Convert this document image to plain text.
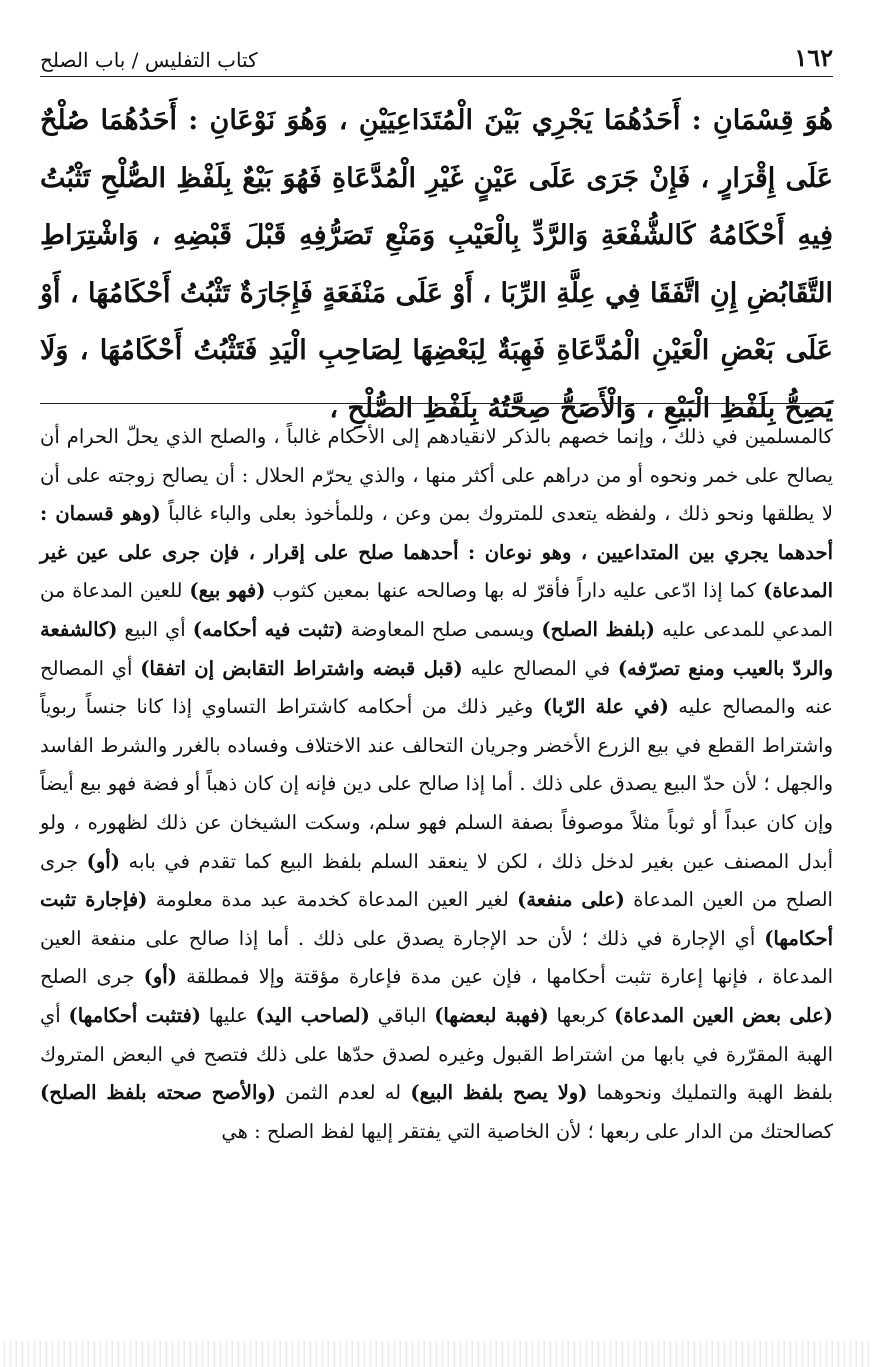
١٦٢
كتاب التفليس / باب الصلح
هُوَ قِسْمَانِ : أَحَدُهُمَا يَجْرِي بَيْنَ الْمُتَدَاعِيَيْنِ ، وَهُوَ نَوْعَانِ : أَحَدُهُمَا صُلْحٌ عَلَى إِقْرَارٍ ، فَإِنْ جَرَى عَلَى عَيْنٍ غَيْرِ الْمُدَّعَاةِ فَهُوَ بَيْعٌ بِلَفْظِ الصُّلْحِ تَثْبُتُ فِيهِ أَحْكَامُهُ كَالشُّفْعَةِ وَالرَّدِّ بِالْعَيْبِ وَمَنْعِ تَصَرُّفِهِ قَبْلَ قَبْضِهِ ، وَاشْتِرَاطِ التَّقَابُضِ إِنِ اتَّفَقَا فِي عِلَّةِ الرِّبَا ، أَوْ عَلَى مَنْفَعَةٍ فَإِجَارَةٌ تَثْبُتُ أَحْكَامُهَا ، أَوْ عَلَى بَعْضِ الْعَيْنِ الْمُدَّعَاةِ فَهِبَةٌ لِبَعْضِهَا لِصَاحِبِ الْيَدِ فَتَثْبُتُ أَحْكَامُهَا ، وَلَا يَصِحُّ بِلَفْظِ الْبَيْعِ ، وَالْأَصَحُّ صِحَّتُهُ بِلَفْظِ الصُّلْحِ ،
كالمسلمين في ذلك ، وإنما خصهم بالذكر لانقيادهم إلى الأحكام غالباً ، والصلح الذي يحلّ الحرام أن يصالح على خمر ونحوه أو من دراهم على أكثر منها ، والذي يحرّم الحلال : أن يصالح زوجته على أن لا يطلقها ونحو ذلك ، ولفظه يتعدى للمتروك بمن وعن ، وللمأخوذ بعلى والباء غالباً (وهو قسمان : أحدهما يجري بين المتداعيين ، وهو نوعان : أحدهما صلح على إقرار ، فإن جرى على عين غير المدعاة) كما إذا ادّعى عليه داراً فأقرّ له بها وصالحه عنها بمعين كثوب (فهو بيع) للعين المدعاة من المدعي للمدعى عليه (بلفظ الصلح) ويسمى صلح المعاوضة (تثبت فيه أحكامه) أي البيع (كالشفعة والردّ بالعيب ومنع تصرّفه) في المصالح عليه (قبل قبضه واشتراط التقابض إن اتفقا) أي المصالح عنه والمصالح عليه (في علة الرّبا) وغير ذلك من أحكامه كاشتراط التساوي إذا كانا جنساً ربوياً واشتراط القطع في بيع الزرع الأخضر وجريان التحالف عند الاختلاف وفساده بالغرر والشرط الفاسد والجهل ؛ لأن حدّ البيع يصدق على ذلك . أما إذا صالح على دين فإنه إن كان ذهباً أو فضة فهو بيع أيضاً وإن كان عبداً أو ثوباً مثلاً موصوفاً بصفة السلم فهو سلم، وسكت الشيخان عن ذلك لظهوره ، ولو أبدل المصنف عين بغير لدخل ذلك ، لكن لا ينعقد السلم بلفظ البيع كما تقدم في بابه (أو) جرى الصلح من العين المدعاة (على منفعة) لغير العين المدعاة كخدمة عبد مدة معلومة (فإجارة تثبت أحكامها) أي الإجارة في ذلك ؛ لأن حد الإجارة يصدق على ذلك . أما إذا صالح على منفعة العين المدعاة ، فإنها إعارة تثبت أحكامها ، فإن عين مدة فإعارة مؤقتة وإلا فمطلقة (أو) جرى الصلح (على بعض العين المدعاة) كربعها (فهبة لبعضها) الباقي (لصاحب اليد) عليها (فتثبت أحكامها) أي الهبة المقرّرة في بابها من اشتراط القبول وغيره لصدق حدّها على ذلك فتصح في البعض المتروك بلفظ الهبة والتمليك ونحوهما (ولا يصح بلفظ البيع) له لعدم الثمن (والأصح صحته بلفظ الصلح) كصالحتك من الدار على ربعها ؛ لأن الخاصية التي يفتقر إليها لفظ الصلح : هي
